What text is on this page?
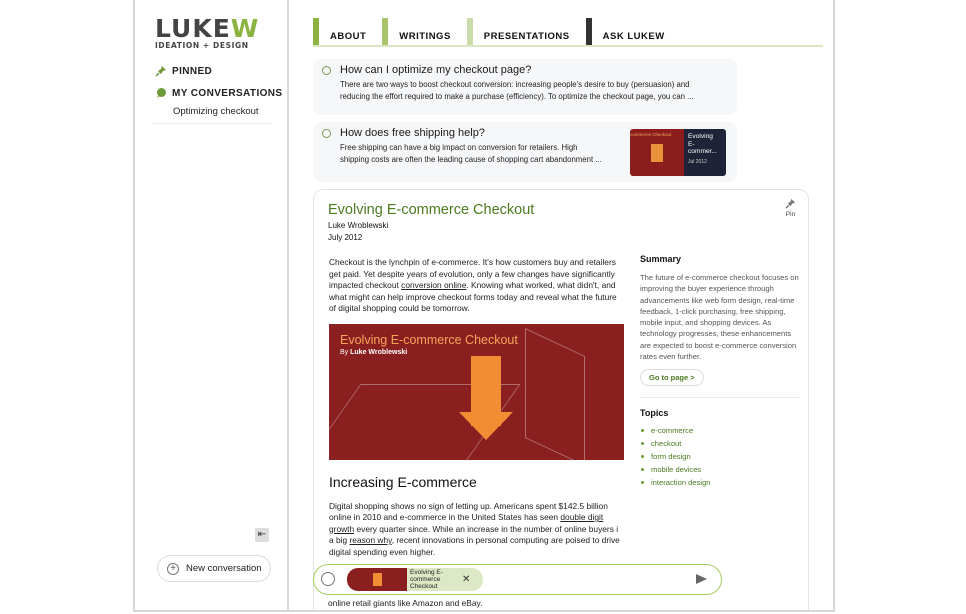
LUKEW
IDEATION + DESIGN
PINNED
MY CONVERSATIONS
Optimizing checkout
⇤
+	New conversation
ABOUT	WRITINGS	PRESENTATIONS	ASK LUKEW
How can I optimize my checkout page?
There are two ways to boost checkout conversion: increasing people's desire to buy (persuasion) and
reducing the effort required to make a purchase (efficiency). To optimize the checkout page, you can ...
How does free shipping help?
Free shipping can have a big impact on conversion for retailers. High
shipping costs are often the leading cause of shopping cart abandonment ...
commerce Checkout	Evolving
E-
commer...
Jul 2012
Evolving E-commerce Checkout
Luke Wroblewski
July 2012
Pin

Checkout is the lynchpin of e-commerce. It's how customers buy and retailers get paid. Yet despite years of evolution, only a few changes have significantly impacted checkout conversion online. Knowing what worked, what didn't, and what might can help improve checkout forms today and reveal what the future of digital shopping could be tomorrow.

Evolving E-commerce Checkout
By Luke Wroblewski
Increasing E-commerce

Digital shopping shows no sign of letting up. Americans spent $142.5 billion online in 2010 and e-commerce in the United States has seen double digit growth every quarter since. While an increase in the number of online buyers i a big reason why, recent innovations in personal computing are poised to drive digital spending even higher.

Summary
The future of e-commerce checkout focuses on improving the buyer experience through advancements like web form design, real-time feedback, 1-click purchasing, free shipping, mobile input, and shopping devices. As technology progresses, these enhancements are expected to boost e-commerce conversion rates even further.
Go to page >
Topics
e-commerce
checkout
form design
mobile devices
interaction design
online retail giants like Amazon and eBay.
Evolving E-
commerce
Checkout
✕
